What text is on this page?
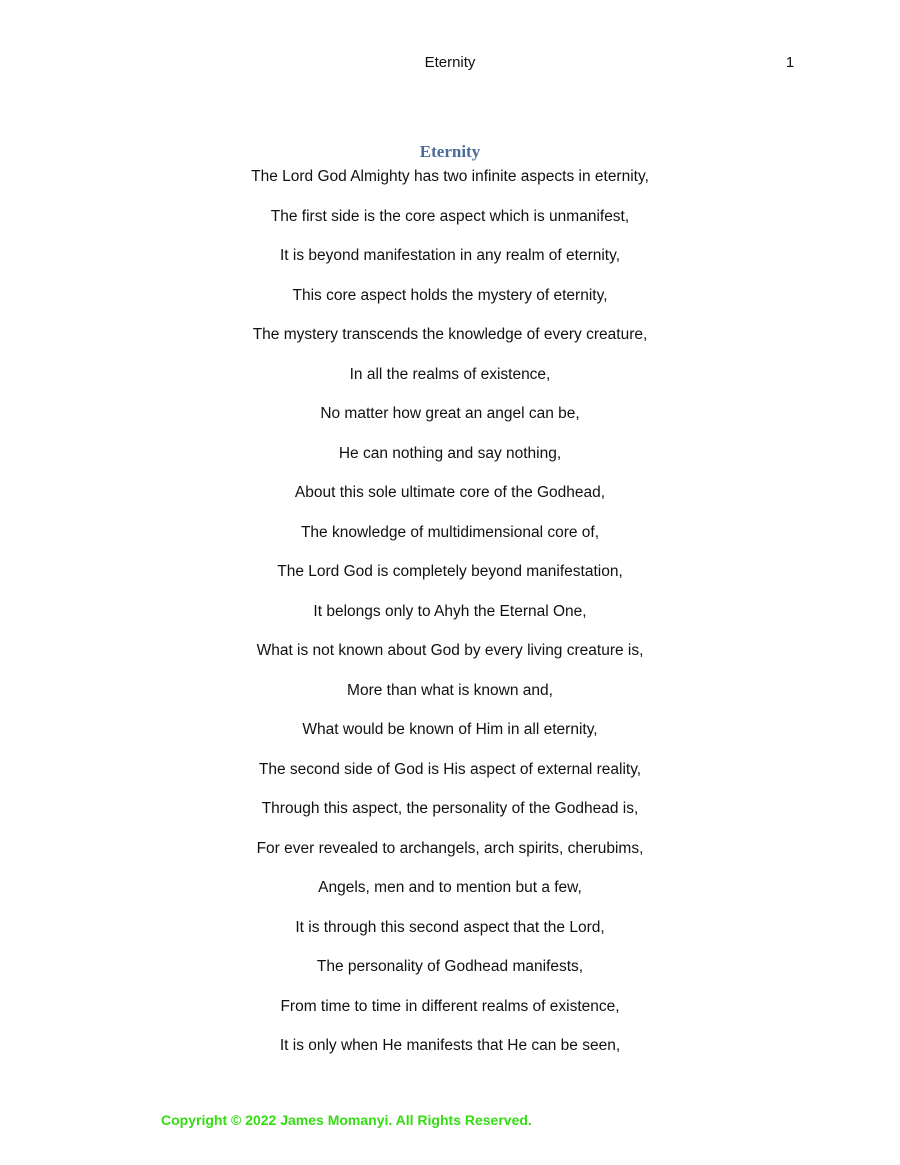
Eternity	1
Eternity
The Lord God Almighty has two infinite aspects in eternity,
The first side is the core aspect which is unmanifest,
It is beyond manifestation in any realm of eternity,
This core aspect holds the mystery of eternity,
The mystery transcends the knowledge of every creature,
In all the realms of existence,
No matter how great an angel can be,
He can nothing and say nothing,
About this sole ultimate core of the Godhead,
The knowledge of multidimensional core of,
The Lord God is completely beyond manifestation,
It belongs only to Ahyh the Eternal One,
What is not known about God by every living creature is,
More than what is known and,
What would be known of Him in all eternity,
The second side of God is His aspect of external reality,
Through this aspect, the personality of the Godhead is,
For ever revealed to archangels, arch spirits, cherubims,
Angels, men and to mention but a few,
It is through this second aspect that the Lord,
The personality of Godhead manifests,
From time to time in different realms of existence,
It is only when He manifests that He can be seen,
Copyright © 2022 James Momanyi. All Rights Reserved.
